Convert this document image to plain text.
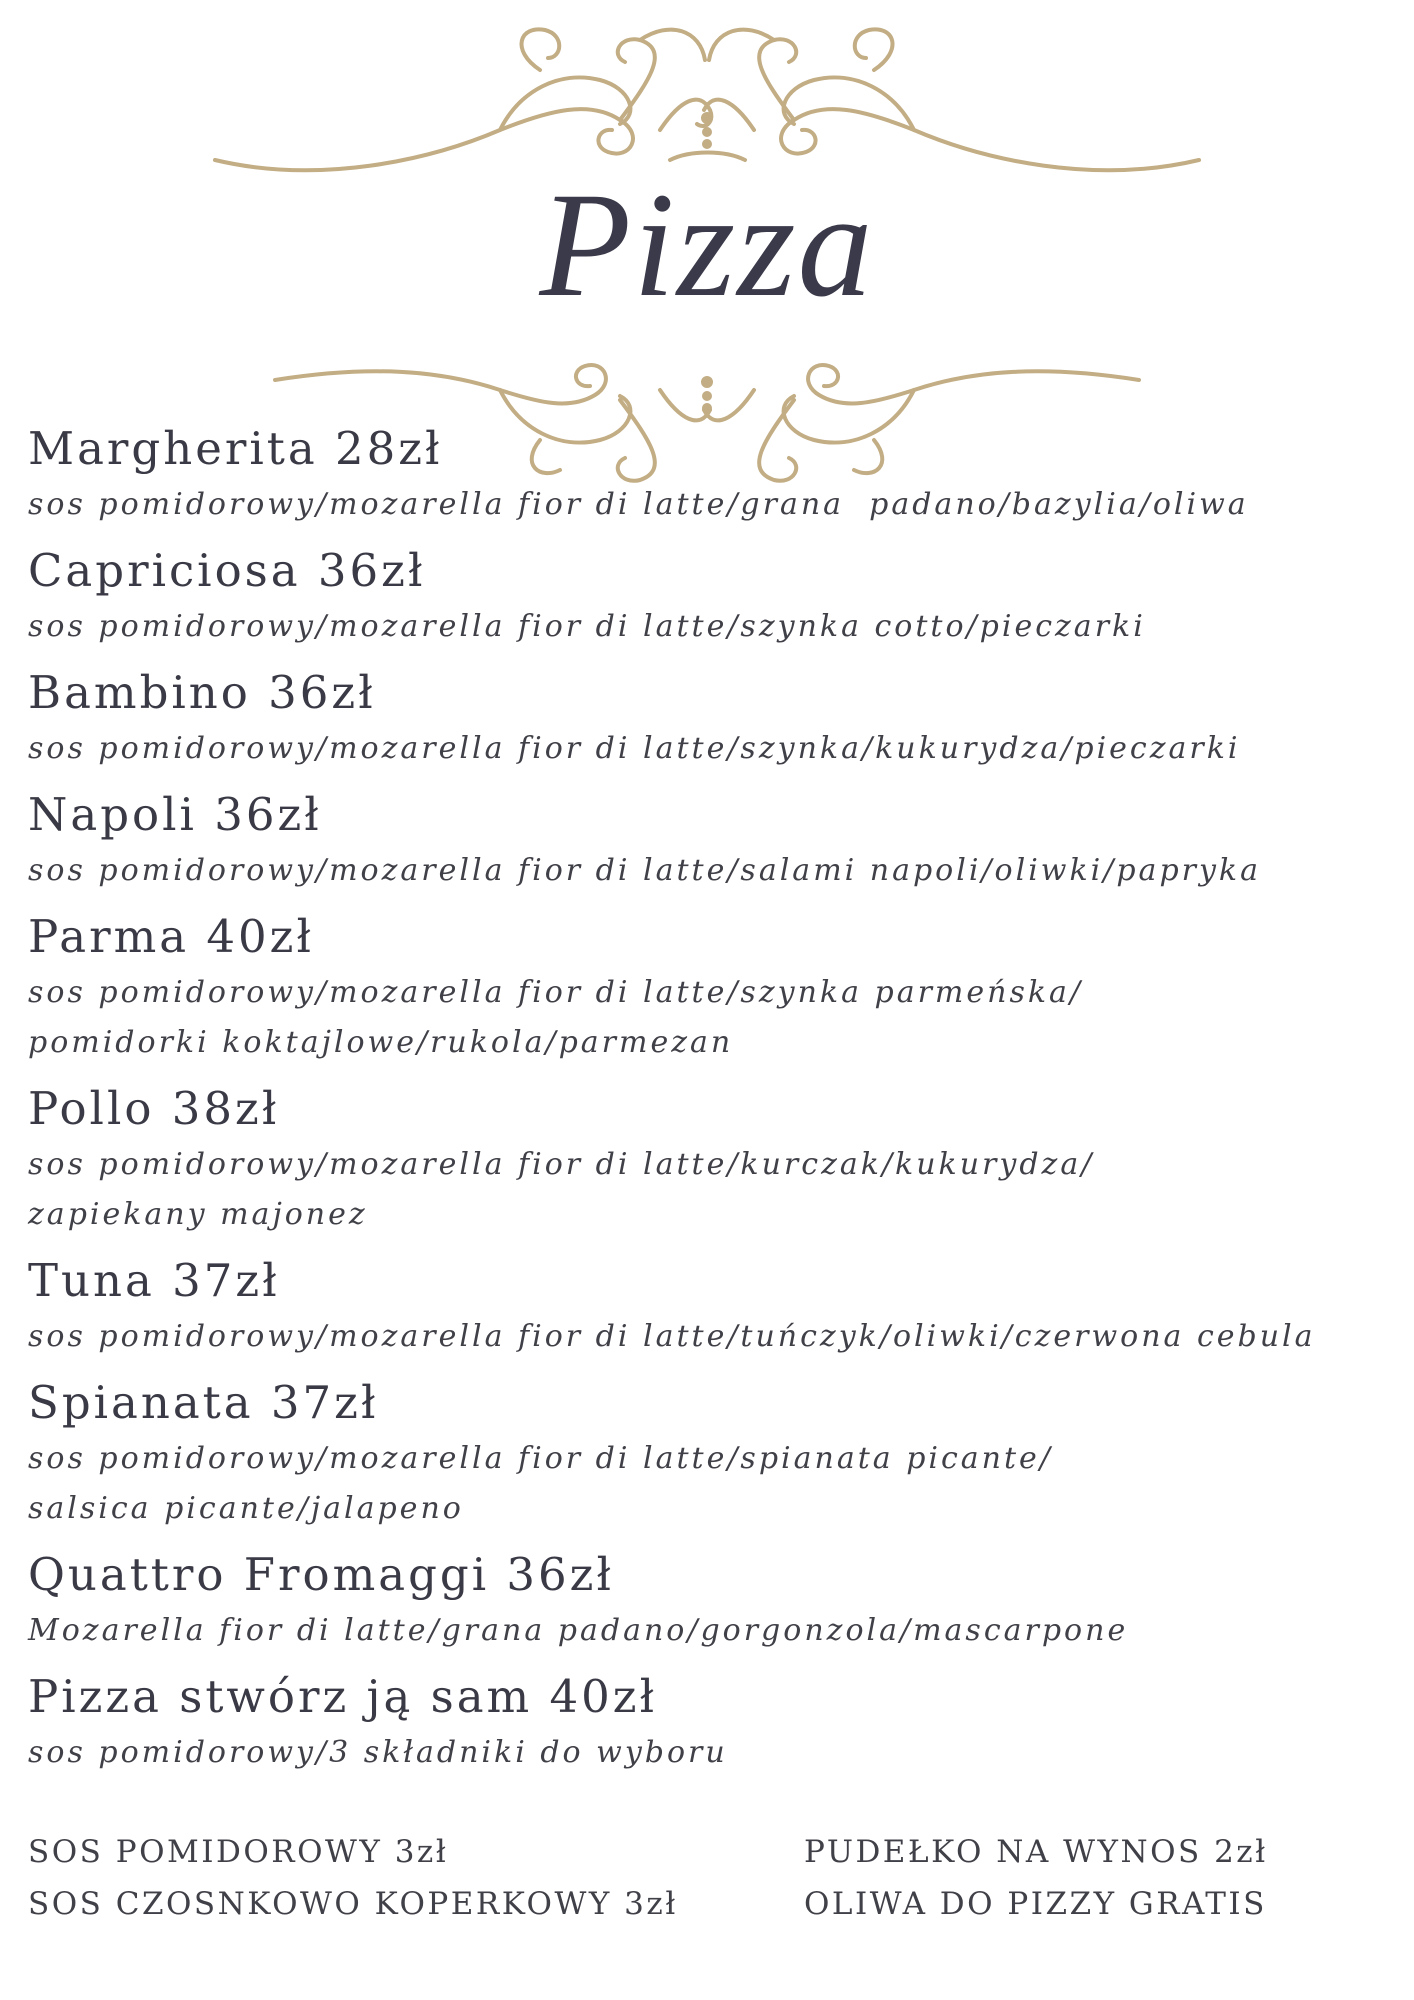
Pizza
Margherita 28zł
sos pomidorowy/mozarella fior di latte/grana  padano/bazylia/oliwa
Capriciosa 36zł
sos pomidorowy/mozarella fior di latte/szynka cotto/pieczarki
Bambino 36zł
sos pomidorowy/mozarella fior di latte/szynka/kukurydza/pieczarki
Napoli 36zł
sos pomidorowy/mozarella fior di latte/salami napoli/oliwki/papryka
Parma 40zł
sos pomidorowy/mozarella fior di latte/szynka parmeńska/
pomidorki koktajlowe/rukola/parmezan
Pollo 38zł
sos pomidorowy/mozarella fior di latte/kurczak/kukurydza/
zapiekany majonez
Tuna 37zł
sos pomidorowy/mozarella fior di latte/tuńczyk/oliwki/czerwona cebula
Spianata 37zł
sos pomidorowy/mozarella fior di latte/spianata picante/
salsica picante/jalapeno
Quattro Fromaggi 36zł
Mozarella fior di latte/grana padano/gorgonzola/mascarpone
Pizza stwórz ją sam 40zł
sos pomidorowy/3 składniki do wyboru
SOS POMIDOROWY 3zł
SOS CZOSNKOWO KOPERKOWY 3zł
PUDEŁKO NA WYNOS 2zł
OLIWA DO PIZZY GRATIS
